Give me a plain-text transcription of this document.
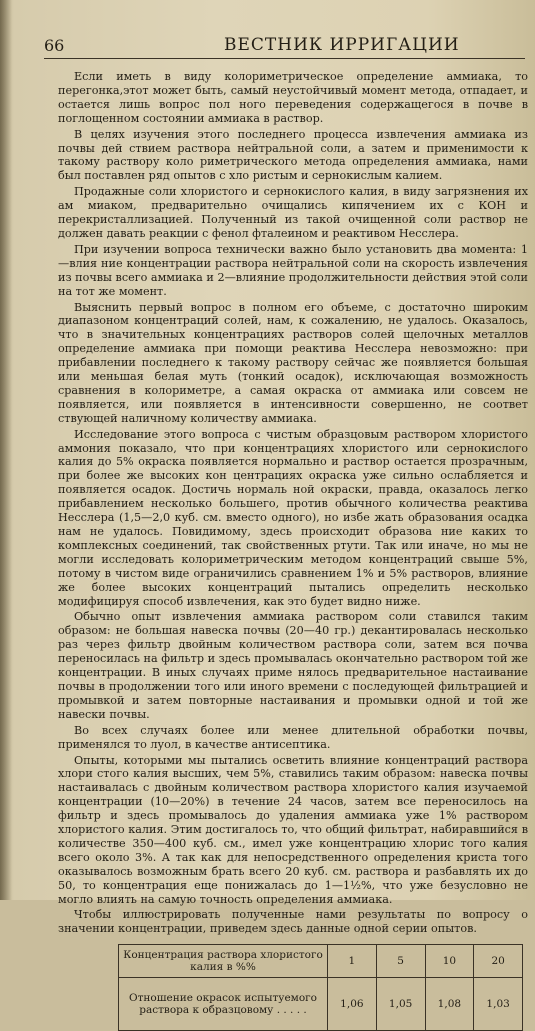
66	ВЕСТНИК ИРРИГАЦИИ

Если иметь в виду колориметрическое определение аммиака, то перегонка,этот может быть, самый неустойчивый момент метода, отпадает, и остается лишь вопрос пол ного переведения содержащегося в почве в поглощенном состоянии аммиака в раствор.

В целях изучения этого последнего процесса извлечения аммиака из почвы дей ствием раствора нейтральной соли, а затем и применимости к такому раствору коло риметрического метода определения аммиака, нами был поставлен ряд опытов с хло ристым и сернокислым калием.

Продажные соли хлористого и сернокислого калия, в виду загрязнения их ам миаком, предварительно очищались кипячением их с КОН и перекристаллизацией. Полученный из такой очищенной соли раствор не должен давать реакции с фенол фталеином и реактивом Несслера.

При изучении вопроса технически важно было установить два момента: 1—влия ние концентрации раствора нейтральной соли на скорость извлечения из почвы всего аммиака и 2—влияние продолжительности действия этой соли на тот же момент.

Выяснить первый вопрос в полном его объеме, с достаточно широким диапазоном концентраций солей, нам, к сожалению, не удалось. Оказалось, что в значительных концентрациях растворов солей щелочных металлов определение аммиака при помощи реактива Несслера невозможно: при прибавлении последнего к такому раствору сейчас же появляется большая или меньшая белая муть (тонкий осадок), исключающая возможность сравнения в колориметре, а самая окраска от аммиака или совсем не появляется, или появляется в интенсивности совершенно, не соответ ствующей наличному количеству аммиака.

Исследование этого вопроса с чистым образцовым раствором хлористого аммония показало, что при концентрациях хлористого или сернокислого калия до 5% окраска появляется нормально и раствор остается прозрачным, при более же высоких кон центрациях окраска уже сильно ослабляется и появляется осадок. Достичь нормаль ной окраски, правда, оказалось легко прибавлением несколько большего, против обычного количества реактива Несслера (1,5—2,0 куб. см. вместо одного), но избе жать образования осадка нам не удалось. Повидимому, здесь происходит образова ние каких то комплексных соединений, так свойственных ртути. Так или иначе, но мы не могли исследовать колориметрическим методом концентраций свыше 5%, потому в чистом виде ограничились сравнением 1% и 5% растворов, влияние же более высоких концентраций пытались определить несколько модифицируя способ извлечения, как это будет видно ниже.

Обычно опыт извлечения аммиака раствором соли ставился таким образом: не большая навеска почвы (20—40 гр.) декантировалась несколько раз через фильтр двойным количеством раствора соли, затем вся почва переносилась на фильтр и здесь промывалась окончательно раствором той же концентрации. В иных случаях приме нялось предварительное настаивание почвы в продолжении того или иного времени с последующей фильтрацией и промывкой и затем повторные настаивания и промывки одной и той же навески почвы.

Во всех случаях более или менее длительной обработки почвы, применялся то луол, в качестве антисептика.

Опыты, которыми мы пытались осветить влияние концентраций раствора хлори стого калия высших, чем 5%, ставились таким образом: навеска почвы настаивалась с двойным количеством раствора хлористого калия изучаемой концентрации (10—20%) в течение 24 часов, затем все переносилось на фильтр и здесь промывалось до удаления аммиака уже 1% раствором хлористого калия. Этим достигалось то, что общий фильтрат, набиравшийся в количестве 350—400 куб. см., имел уже концентрацию хлорис того калия всего около 3%. А так как для непосредственного определения криста того оказывалось возможным брать всего 20 куб. см. раствора и разбавлять их до 50, то концентрация еще понижалась до 1—1½%, что уже безусловно не могло влиять на самую точность определения аммиака.

Чтобы иллюстрировать полученные нами результаты по вопросу о значении концентрации, приведем здесь данные одной серии опытов.

Концентрация раствора хлористого калия в %%	1	5	10	20
Отношение окрасок испытуемого раствора к образцовому . . . . .	1,06	1,05	1,08	1,03
